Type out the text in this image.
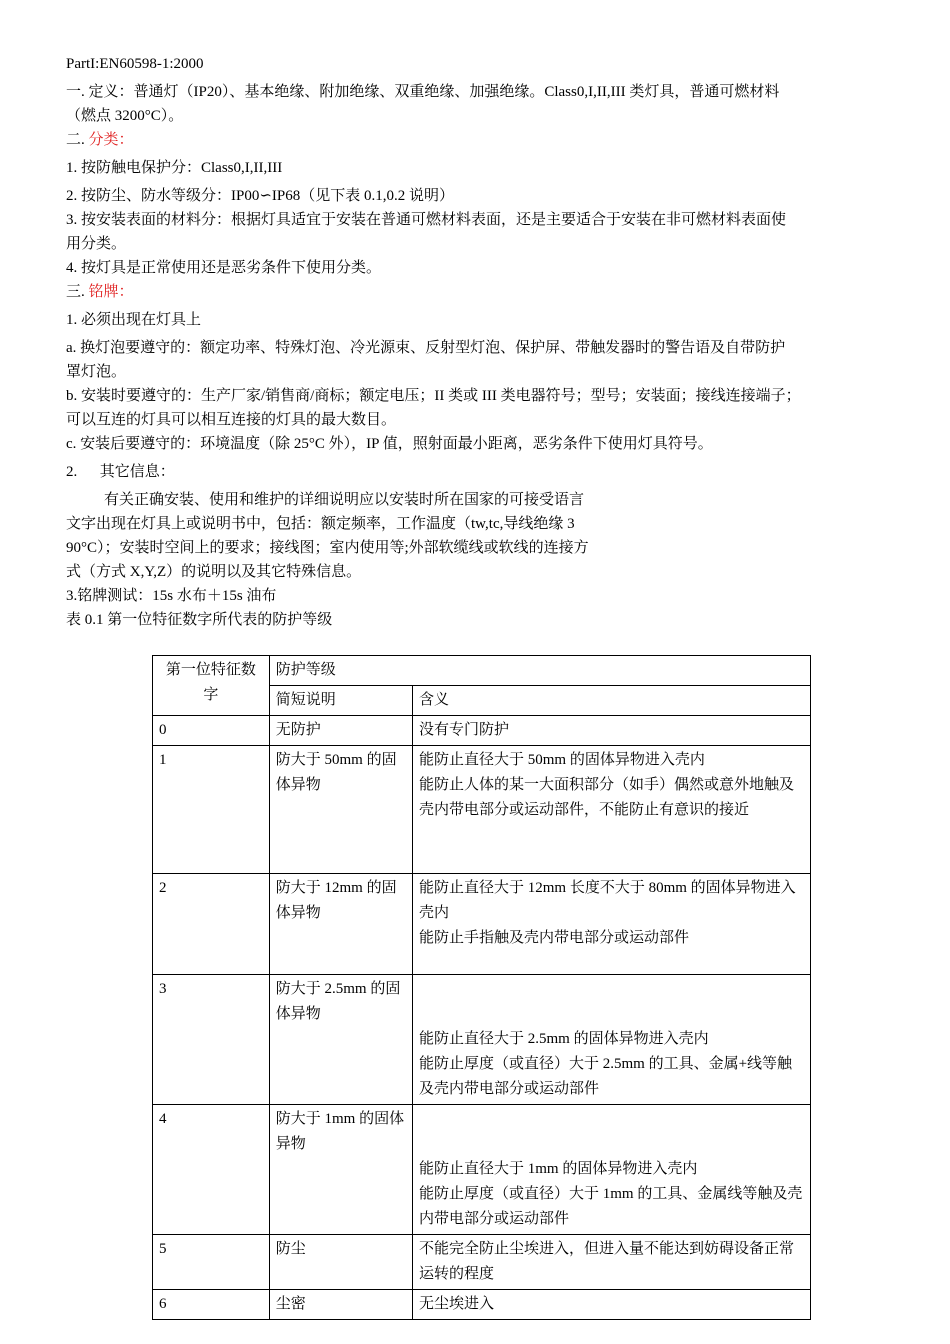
PartI:EN60598-1:2000

一. 定义：普通灯（IP20）、基本绝缘、附加绝缘、双重绝缘、加强绝缘。Class0,I,II,III 类灯具，普通可燃材料

（燃点 3200°C）。

二. 分类：

1. 按防触电保护分：Class0,I,II,III

2. 按防尘、防水等级分：IP00∽IP68（见下表 0.1,0.2 说明）

3. 按安装表面的材料分：根据灯具适宜于安装在普通可燃材料表面，还是主要适合于安装在非可燃材料表面使

用分类。

4. 按灯具是正常使用还是恶劣条件下使用分类。

三. 铭牌：

1. 必须出现在灯具上

a. 换灯泡要遵守的：额定功率、特殊灯泡、冷光源束、反射型灯泡、保护屏、带触发器时的警告语及自带防护

罩灯泡。

b. 安装时要遵守的：生产厂家/销售商/商标；额定电压；II 类或 III 类电器符号；型号；安装面；接线连接端子；

可以互连的灯具可以相互连接的灯具的最大数目。

c. 安装后要遵守的：环境温度（除 25°C 外），IP 值，照射面最小距离，恶劣条件下使用灯具符号。

2.      其它信息：

有关正确安装、使用和维护的详细说明应以安装时所在国家的可接受语言

文字出现在灯具上或说明书中，包括：额定频率，工作温度（tw,tc,导线绝缘 3

90°C）；安装时空间上的要求；接线图；室内使用等;外部软缆线或软线的连接方

式（方式 X,Y,Z）的说明以及其它特殊信息。

3.铭牌测试：15s 水布＋15s 油布

表 0.1 第一位特征数字所代表的防护等级

第一位特征数字	防护等级	
	简短说明	含义
0	无防护	没有专门防护

1	防大于 50mm 的固体异物	能防止直径大于 50mm 的固体异物进入壳内
能防止人体的某一大面积部分（如手）偶然或意外地触及壳内带电部分或运动部件，不能防止有意识的接近

2	防大于 12mm 的固体异物	能防止直径大于 12mm 长度不大于 80mm 的固体异物进入壳内
能防止手指触及壳内带电部分或运动部件

3	防大于 2.5mm 的固体异物	能防止直径大于 2.5mm 的固体异物进入壳内
能防止厚度（或直径）大于 2.5mm 的工具、金属+线等触及壳内带电部分或运动部件

4	防大于 1mm 的固体异物	能防止直径大于 1mm 的固体异物进入壳内
能防止厚度（或直径）大于 1mm 的工具、金属线等触及壳内带电部分或运动部件

5	防尘	不能完全防止尘埃进入，但进入量不能达到妨碍设备正常运转的程度

6	尘密	无尘埃进入
